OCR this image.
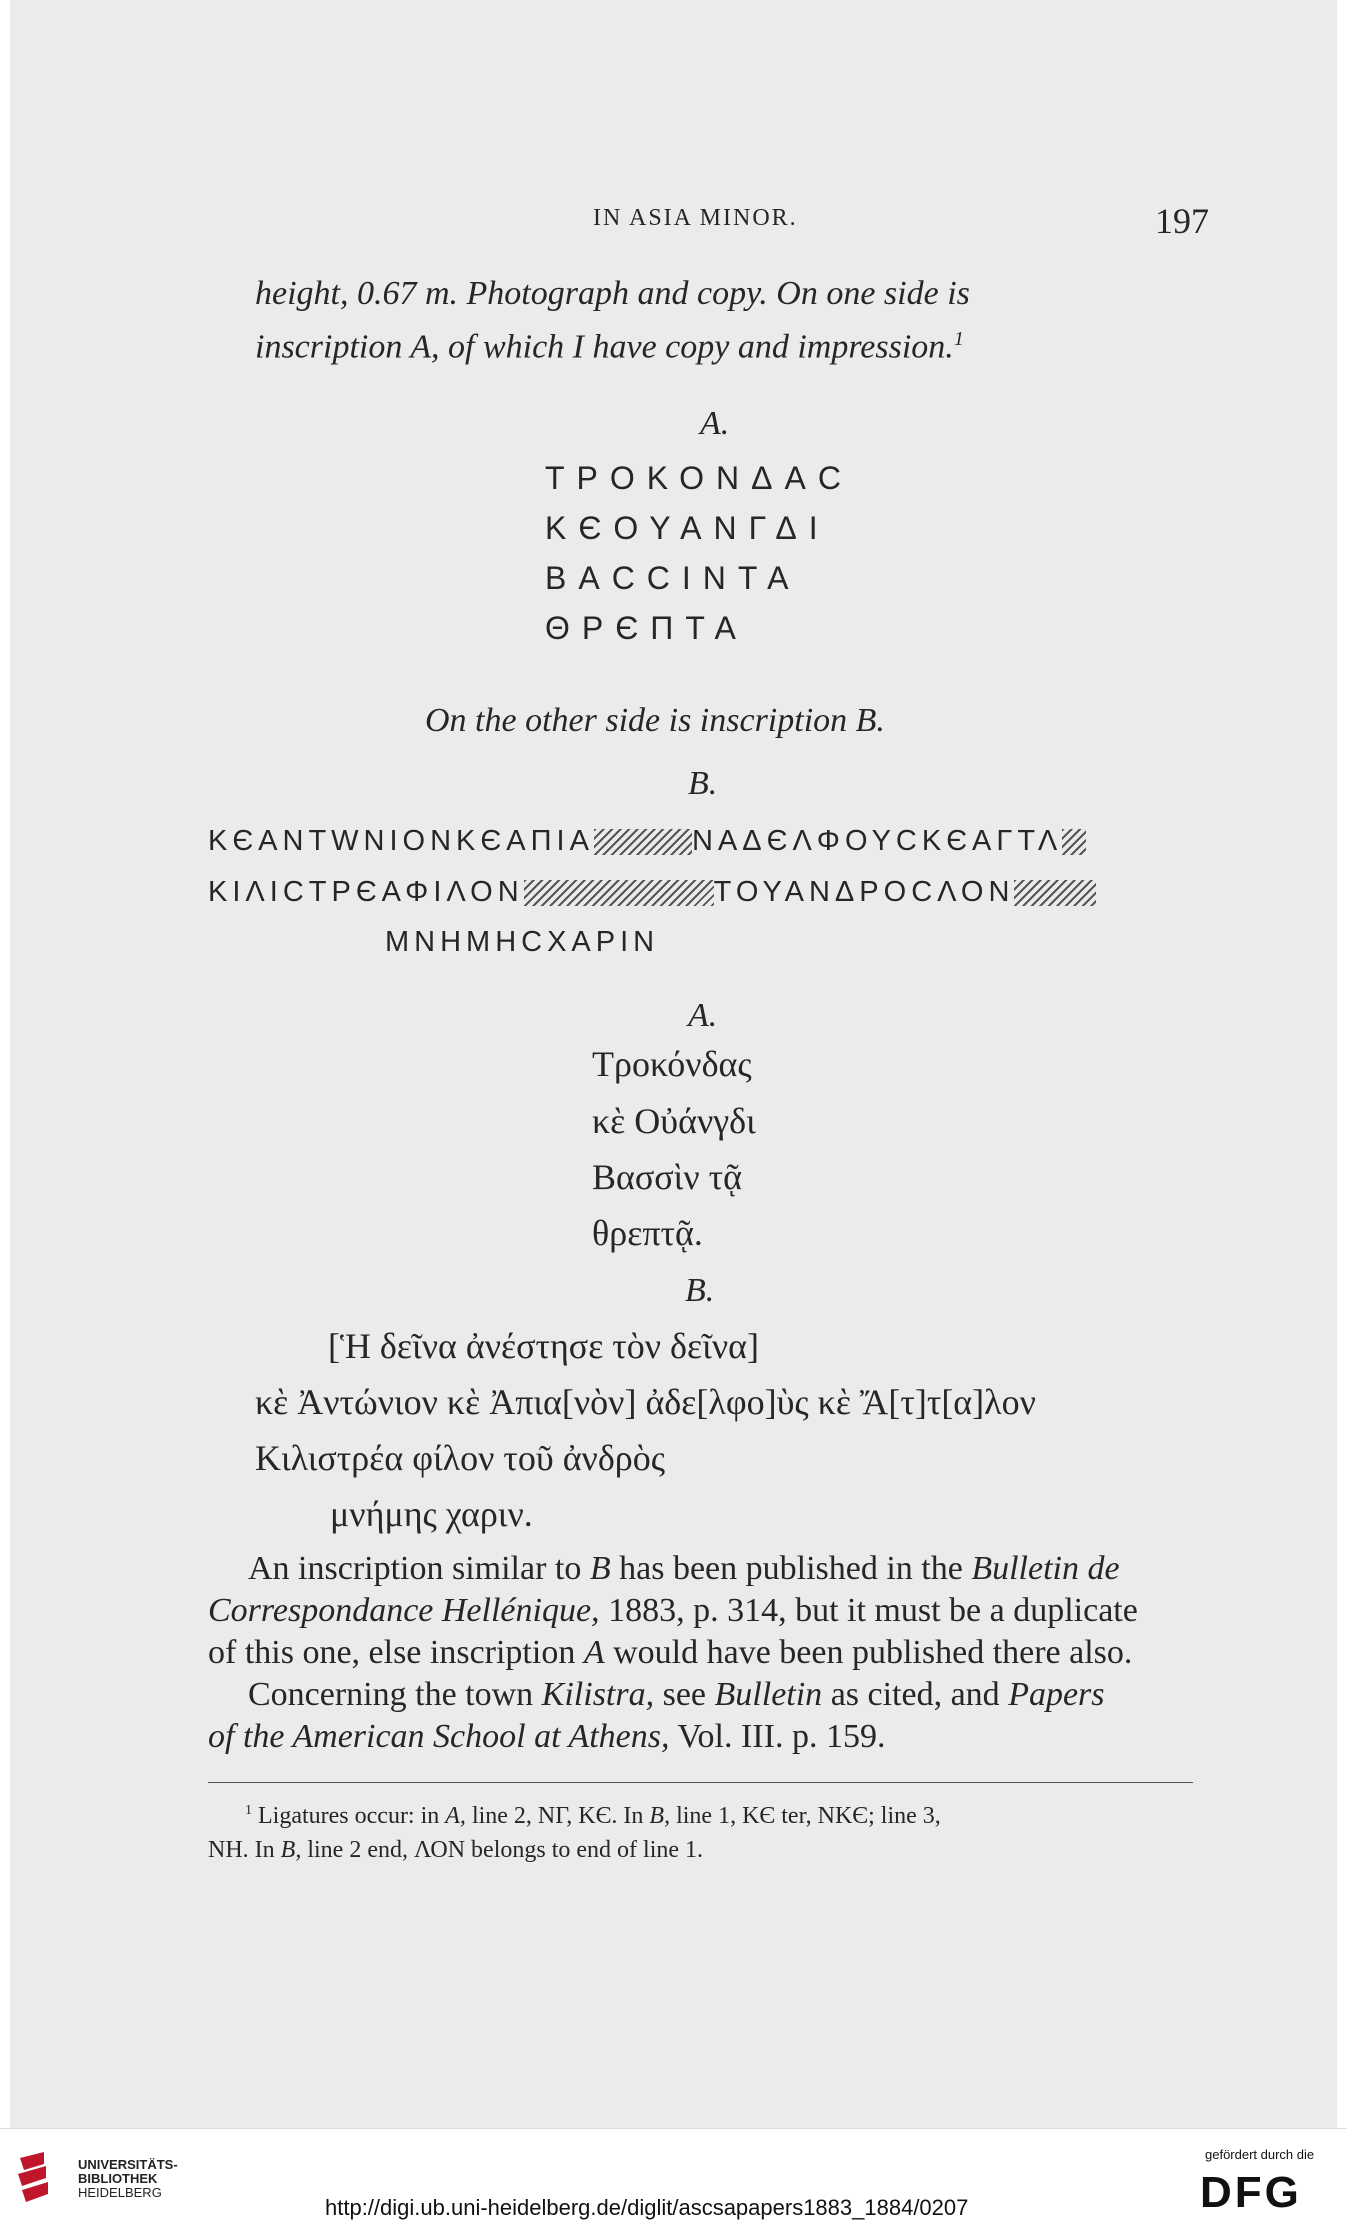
IN ASIA MINOR.	197
height, 0.67 m. Photograph and copy. On one side is
inscription A, of which I have copy and impression.$^1$
A.
ΤΡΟΚΟΝΔΑC
ΚЄΟΥΑΝΓΔΙ
ΒΑCCΙΝΤΑ
ΘΡЄΠΤΑ
On the other side is inscription B.
B.
ΚЄΑΝΤWΝΙΟΝΚЄΑΠΙΑ	ΝΑΔЄΛΦΟΥCΚЄΑΓΤΛ
ΚΙΛΙCΤΡЄΑΦΙΛΟΝ	ΤΟΥΑΝΔΡΟCΛΟΝ
ΜΝΗΜΗCΧΑΡΙΝ
A.
Τροκόνδας
κὲ Οὐάνγδι
Βασσὶν τᾷ
θρεπτᾷ.
B.
[Ἡ δεῖνα ἀνέστησε τὸν δεῖνα]
κὲ Ἀντώνιον κὲ Ἀπια[νὸν] ἀδε[λφο]ὺς κὲ Ἄ[τ]τ[α]λον
Κιλιστρέα φίλον τοῦ ἀνδρὸς
μνήμης χαριν.
An inscription similar to B has been published in the Bulletin de
Correspondance Hellénique, 1883, p. 314, but it must be a duplicate
of this one, else inscription A would have been published there also.
Concerning the town Kilistra, see Bulletin as cited, and Papers
of the American School at Athens, Vol. III. p. 159.
$^1$ Ligatures occur: in A, line 2, ΝΓ, ΚЄ. In B, line 1, ΚЄ ter, ΝΚЄ; line 3,
ΝΗ. In B, line 2 end, ΛΟΝ belongs to end of line 1.
UNIVERSITÄTS-
BIBLIOTHEK
HEIDELBERG
http://digi.ub.uni-heidelberg.de/diglit/ascsapapers1883_1884/0207
gefördert durch die
DFG
